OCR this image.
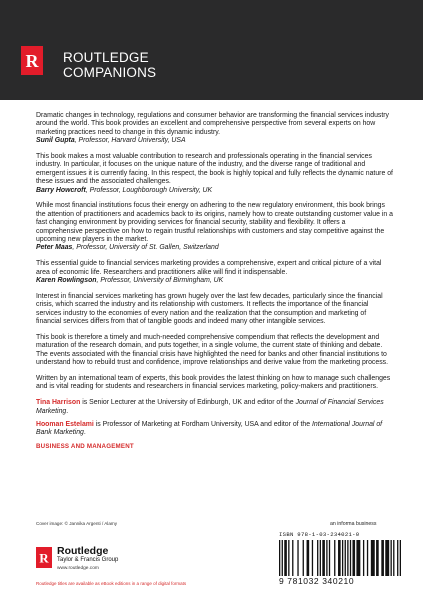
R ROUTLEDGE
COMPANIONS

Dramatic changes in technology, regulations and consumer behavior are transforming the financial services industry around the world. This book provides an excellent and comprehensive perspective from several experts on how marketing practices need to change in this dynamic industry.
Sunil Gupta, Professor, Harvard University, USA

This book makes a most valuable contribution to research and professionals operating in the financial services industry. In particular, it focuses on the unique nature of the industry, and the diverse range of traditional and emergent issues it is currently facing. In this respect, the book is highly topical and fully reflects the dynamic nature of these issues and the associated challenges.
Barry Howcroft, Professor, Loughborough University, UK

While most financial institutions focus their energy on adhering to the new regulatory environment, this book brings the attention of practitioners and academics back to its origins, namely how to create outstanding customer value in a fast changing environment by providing services for financial security, stability and flexibility. It offers a comprehensive perspective on how to regain trustful relationships with customers and stay competitive against the upcoming new players in the market.
Peter Maas, Professor, University of St. Gallen, Switzerland

This essential guide to financial services marketing provides a comprehensive, expert and critical picture of a vital area of economic life. Researchers and practitioners alike will find it indispensable.
Karen Rowlingson, Professor, University of Birmingham, UK

Interest in financial services marketing has grown hugely over the last few decades, particularly since the financial crisis, which scarred the industry and its relationship with customers. It reflects the importance of the financial services industry to the economies of every nation and the realization that the consumption and marketing of financial services differs from that of tangible goods and indeed many other intangible services.

This book is therefore a timely and much-needed comprehensive compendium that reflects the development and maturation of the research domain, and puts together, in a single volume, the current state of thinking and debate. The events associated with the financial crisis have highlighted the need for banks and other financial institutions to understand how to rebuild trust and confidence, improve relationships and derive value from the marketing process.

Written by an international team of experts, this book provides the latest thinking on how to manage such challenges and is vital reading for students and researchers in financial services marketing, policy-makers and practitioners.

Tina Harrison is Senior Lecturer at the University of Edinburgh, UK and editor of the Journal of Financial Services Marketing.

Hooman Estelami is Professor of Marketing at Fordham University, USA and editor of the International Journal of Bank Marketing.

BUSINESS AND MANAGEMENT
Cover image: © Jannika Argenti / Alamy	an informa business
R Routledge
Taylor & Francis Group
www.routledge.com
Routledge titles are available as eBook editions in a range of digital formats
ISBN 978-1-03-234021-0
9 781032 340210
